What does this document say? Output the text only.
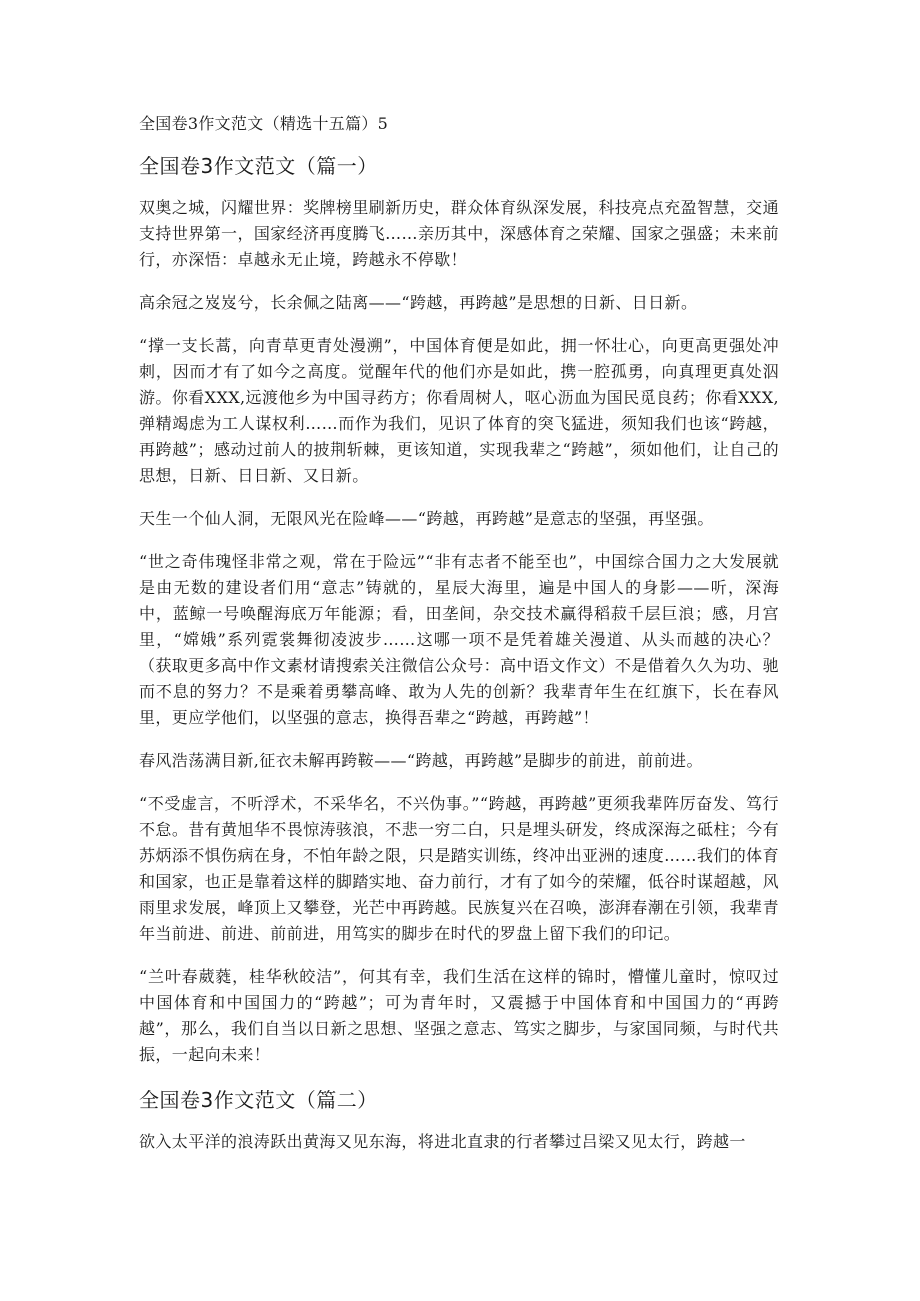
全国卷3作文范文（精选十五篇）5
全国卷3作文范文（篇一）

双奥之城，闪耀世界：奖牌榜里刷新历史，群众体育纵深发展，科技亮点充盈智慧，交通支持世界第一，国家经济再度腾飞……亲历其中，深感体育之荣耀、国家之强盛；未来前行，亦深悟：卓越永无止境，跨越永不停歇！

高余冠之岌岌兮，长余佩之陆离——“跨越，再跨越”是思想的日新、日日新。

“撑一支长蒿，向青草更青处漫溯”，中国体育便是如此，拥一怀壮心，向更高更强处冲刺，因而才有了如今之高度。觉醒年代的他们亦是如此，携一腔孤勇，向真理更真处泅游。你看XXX,远渡他乡为中国寻药方；你看周树人，呕心沥血为国民觅良药；你看XXX,弹精竭虑为工人谋权利……而作为我们，见识了体育的突飞猛进，须知我们也该“跨越，再跨越”；感动过前人的披荆斩棘，更该知道，实现我辈之“跨越”，须如他们，让自己的思想，日新、日日新、又日新。

天生一个仙人洞，无限风光在险峰——“跨越，再跨越”是意志的坚强，再坚强。

“世之奇伟瑰怪非常之观，常在于险远”“非有志者不能至也”，中国综合国力之大发展就是由无数的建设者们用“意志”铸就的，星辰大海里，遍是中国人的身影——听，深海中，蓝鲸一号唤醒海底万年能源；看，田垄间，杂交技术赢得稻菽千层巨浪；感，月宫里，“嫦娥”系列霓裳舞彻凌波步……这哪一项不是凭着雄关漫道、从头而越的决心？（获取更多高中作文素材请搜索关注微信公众号：高中语文作文）不是借着久久为功、驰而不息的努力？不是乘着勇攀高峰、敢为人先的创新？我辈青年生在红旗下，长在春风里，更应学他们，以坚强的意志，换得吾辈之“跨越，再跨越”！

春风浩荡满目新,征衣未解再跨鞍——“跨越，再跨越”是脚步的前进，前前进。

“不受虚言，不听浮术，不采华名，不兴伪事。”“跨越，再跨越”更须我辈阵厉奋发、笃行不怠。昔有黄旭华不畏惊涛骇浪，不悲一穷二白，只是埋头研发，终成深海之砥柱；今有苏炳添不惧伤病在身，不怕年龄之限，只是踏实训练，终冲出亚洲的速度……我们的体育和国家，也正是靠着这样的脚踏实地、奋力前行，才有了如今的荣耀，低谷时谋超越，风雨里求发展，峰顶上又攀登，光芒中再跨越。民族复兴在召唤，澎湃春潮在引领，我辈青年当前进、前进、前前进，用笃实的脚步在时代的罗盘上留下我们的印记。

“兰叶春葳蕤，桂华秋皎洁”，何其有幸，我们生活在这样的锦时，懵懂儿童时，惊叹过中国体育和中国国力的“跨越”；可为青年时，又震撼于中国体育和中国国力的“再跨越”，那么，我们自当以日新之思想、坚强之意志、笃实之脚步，与家国同频，与时代共振，一起向未来！

全国卷3作文范文（篇二）

欲入太平洋的浪涛跃出黄海又见东海，将进北直隶的行者攀过吕梁又见太行，跨越一
